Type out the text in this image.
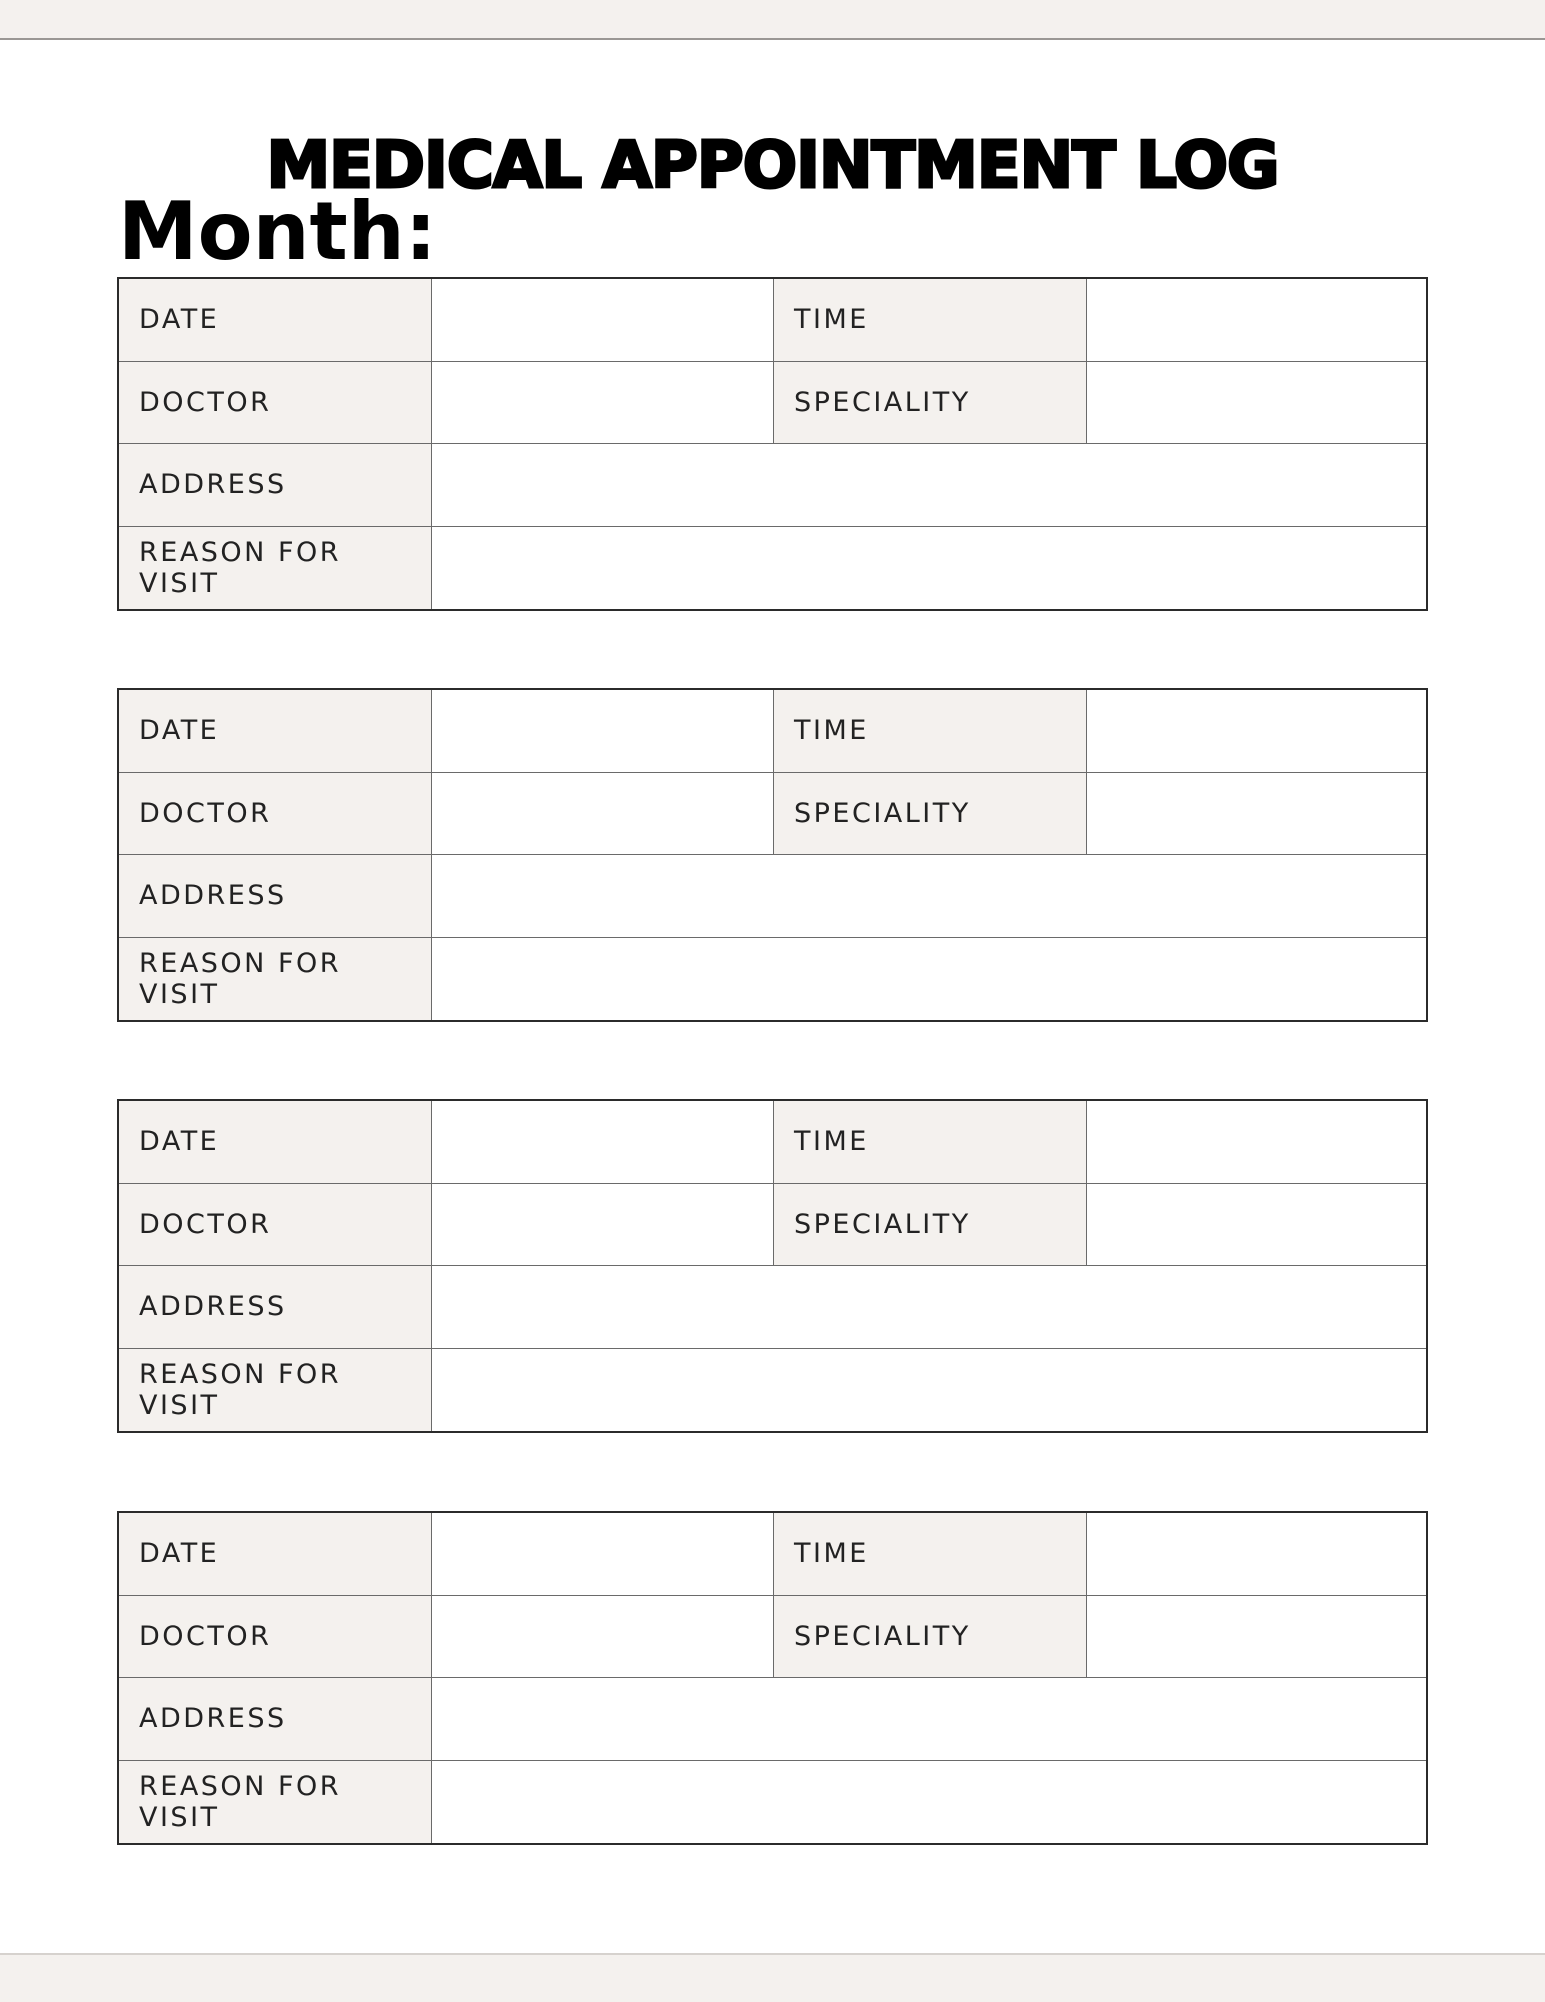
MEDICAL APPOINTMENT LOG
Month:
DATE	TIME
DOCTOR	SPECIALITY
ADDRESS
REASON FOR VISIT
DATE	TIME
DOCTOR	SPECIALITY
ADDRESS
REASON FOR VISIT
DATE	TIME
DOCTOR	SPECIALITY
ADDRESS
REASON FOR VISIT
DATE	TIME
DOCTOR	SPECIALITY
ADDRESS
REASON FOR VISIT
